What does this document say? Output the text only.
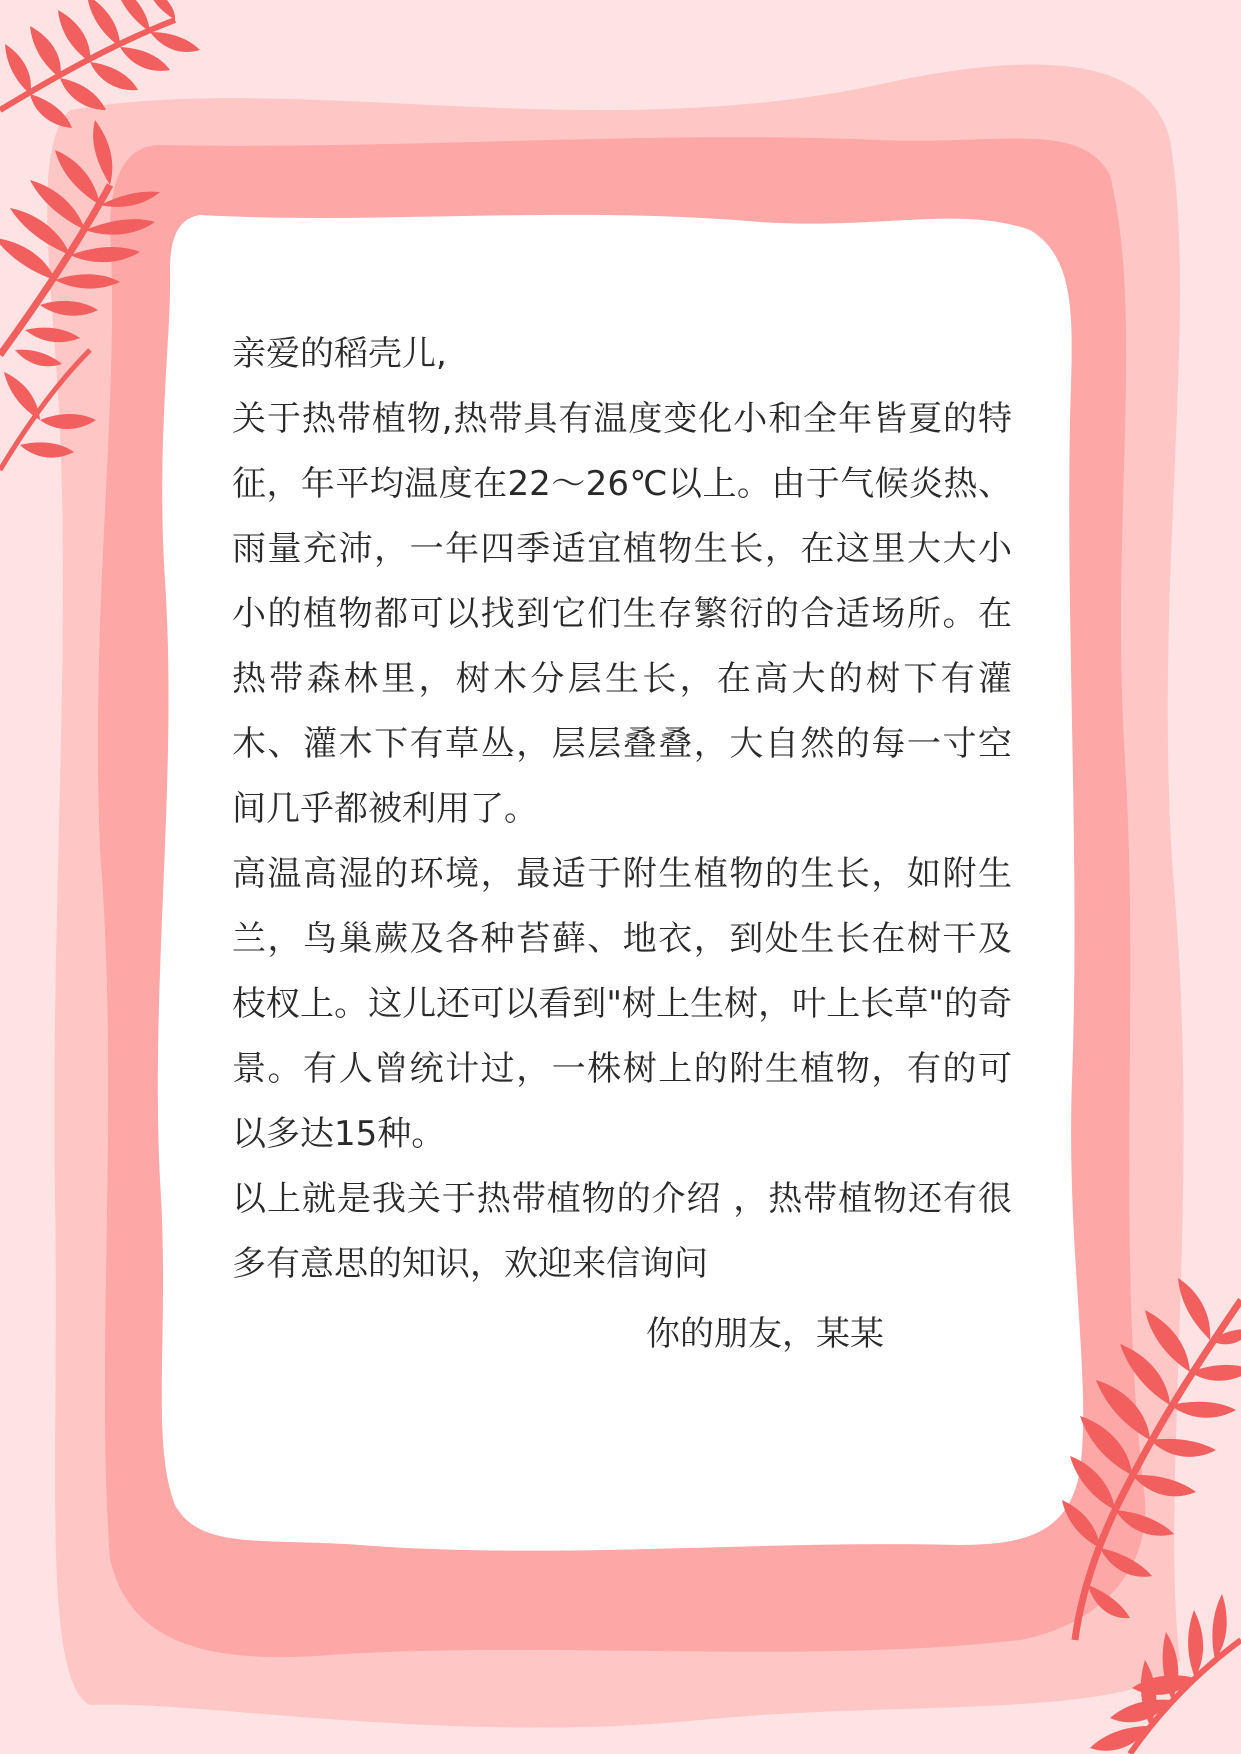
亲爱的稻壳儿,

关于热带植物,热带具有温度变化小和全年皆夏的特征，年平均温度在22～26℃以上。由于气候炎热、雨量充沛，一年四季适宜植物生长，在这里大大小小的植物都可以找到它们生存繁衍的合适场所。在热带森林里，树木分层生长，在高大的树下有灌木、灌木下有草丛，层层叠叠，大自然的每一寸空间几乎都被利用了。

高温高湿的环境，最适于附生植物的生长，如附生兰，鸟巢蕨及各种苔藓、地衣，到处生长在树干及枝杈上。这儿还可以看到"树上生树，叶上长草"的奇景。有人曾统计过，一株树上的附生植物，有的可以多达15种。

以上就是我关于热带植物的介绍 ，热带植物还有很多有意思的知识，欢迎来信询问

你的朋友，某某
